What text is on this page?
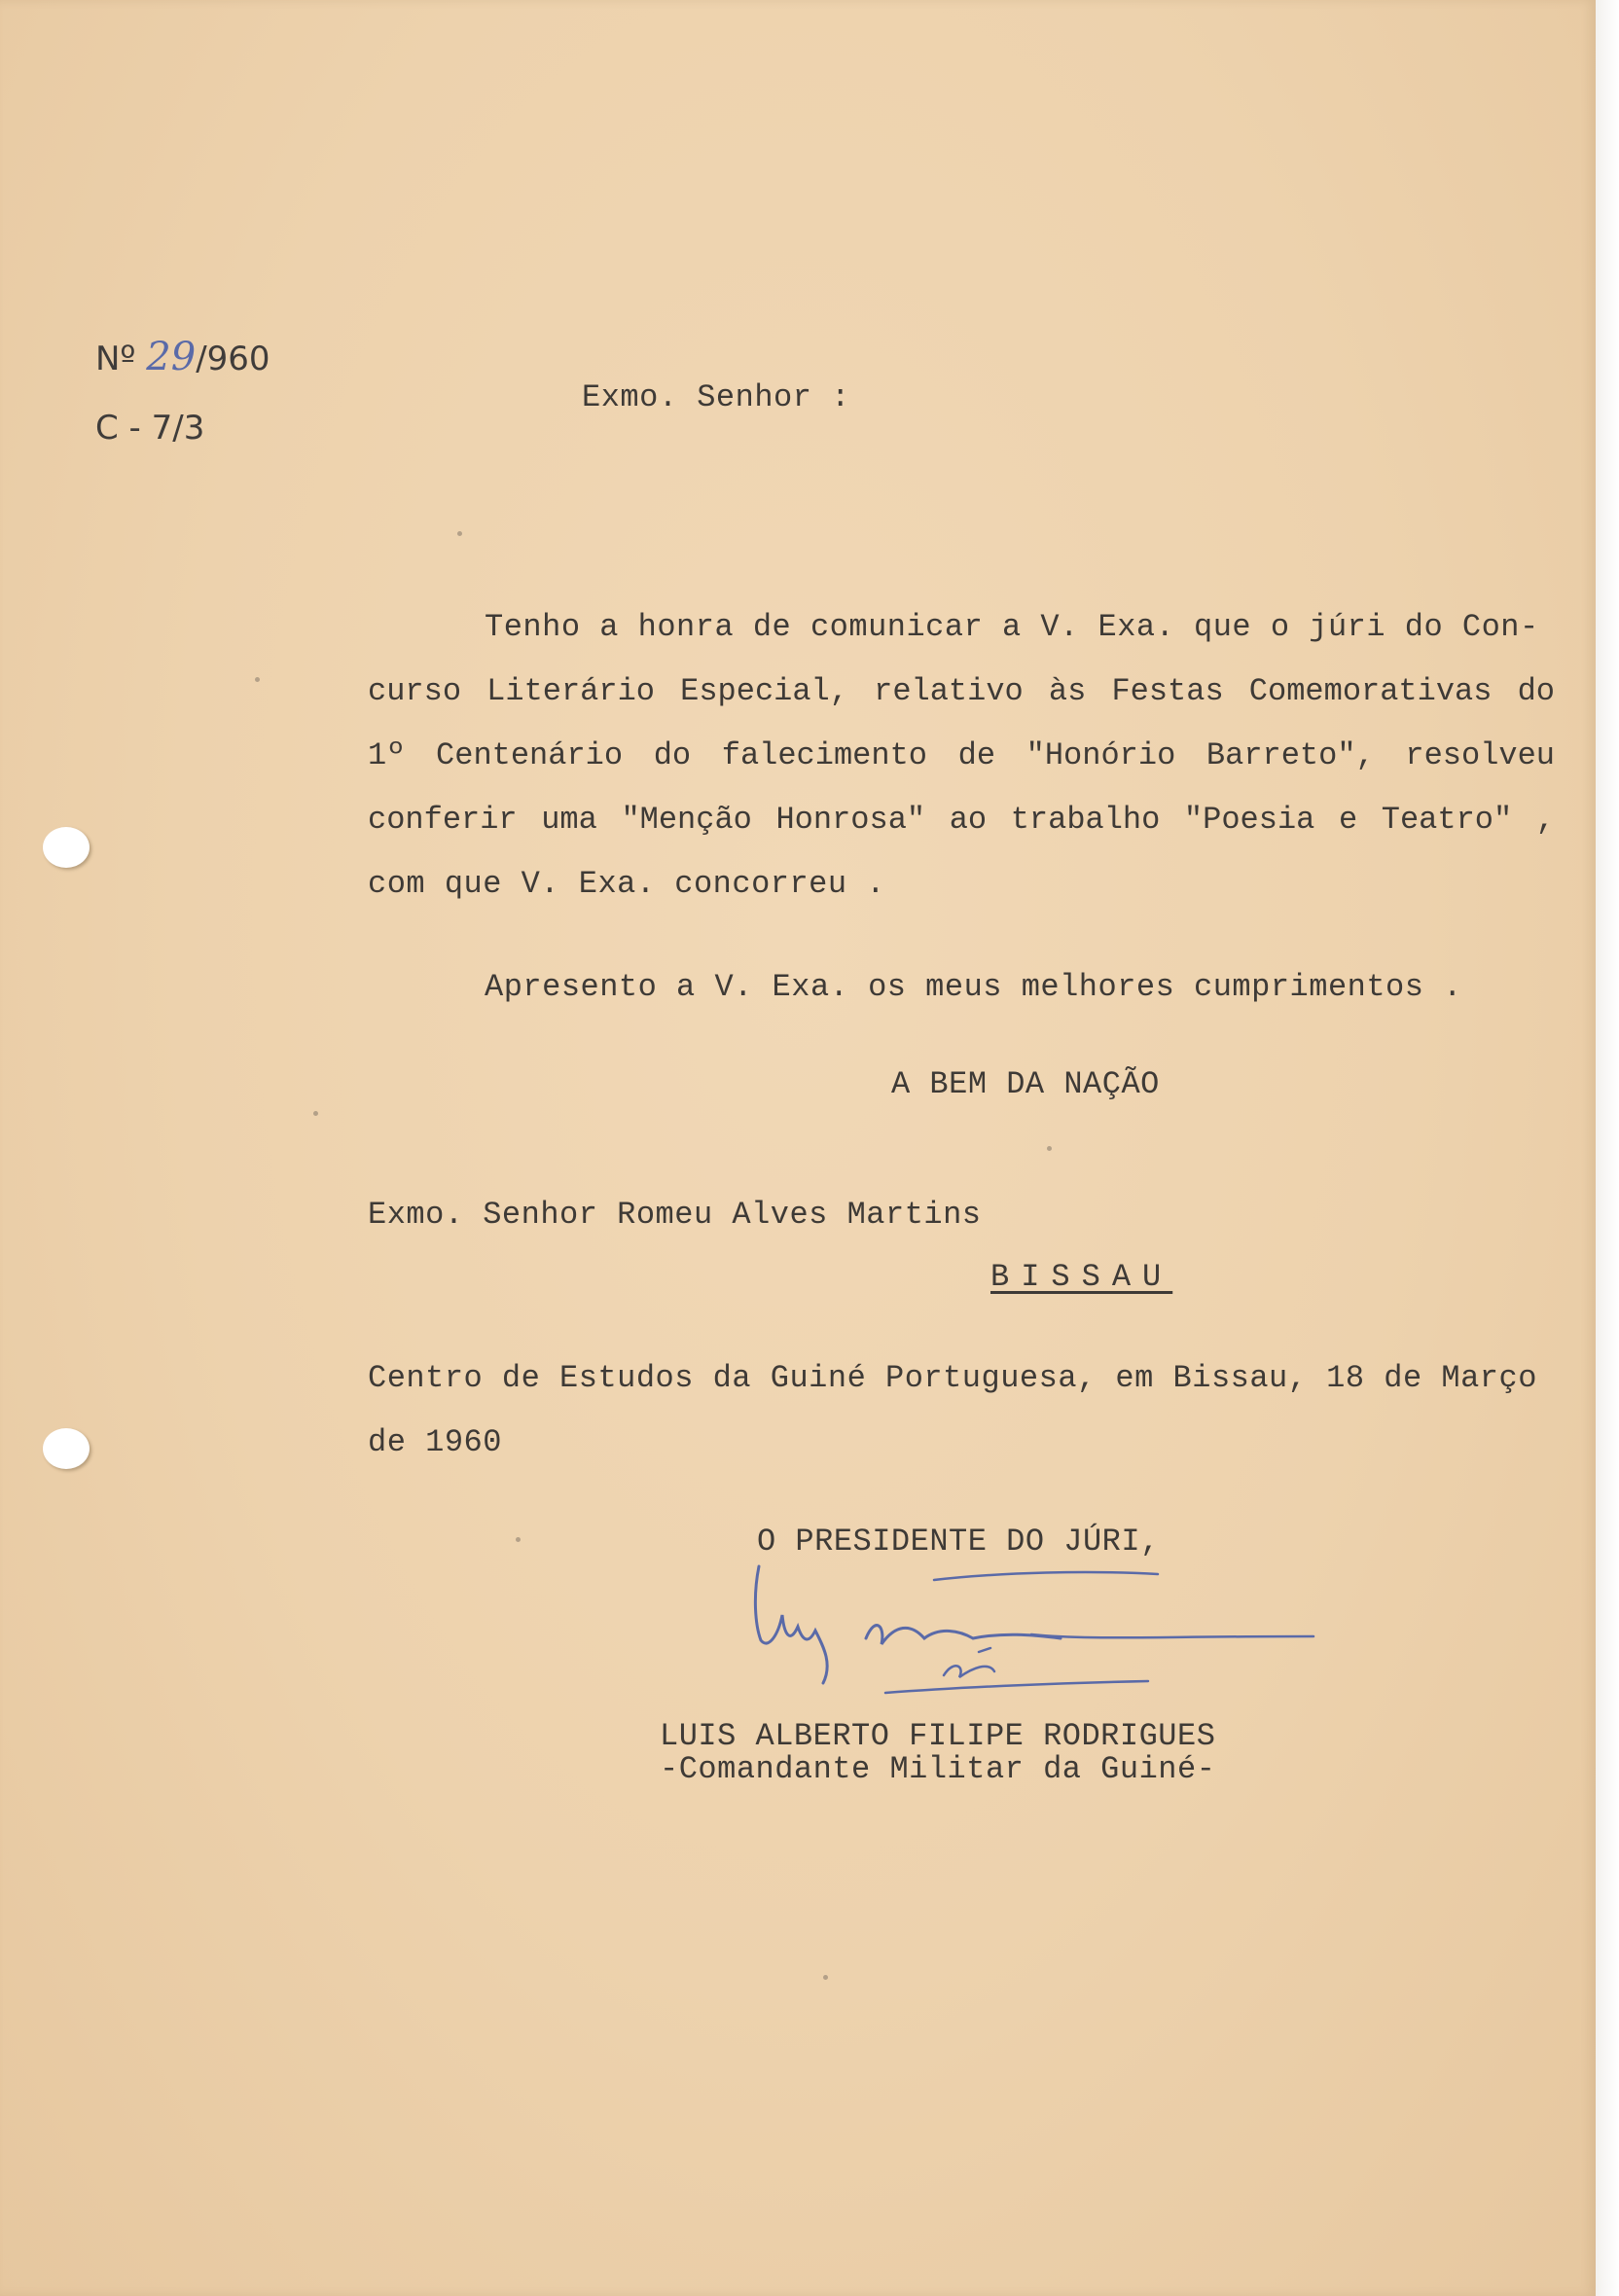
Nº 29/960
C - 7/3

Exmo. Senhor :

Tenho a honra de comunicar a V. Exa. que o júri do Con-

curso Literário Especial, relativo às Festas Comemorativas do

1º Centenário do falecimento de "Honório Barreto", resolveu

conferir uma "Menção Honrosa" ao trabalho "Poesia e Teatro" ,

com que V. Exa. concorreu .

Apresento a V. Exa. os meus melhores cumprimentos .

A BEM DA NAÇÃO

Exmo. Senhor Romeu Alves Martins

BISSAU

Centro de Estudos da Guiné Portuguesa, em Bissau, 18 de Março

de 1960

O PRESIDENTE DO JÚRI,

LUIS ALBERTO FILIPE RODRIGUES

-Comandante Militar da Guiné-
